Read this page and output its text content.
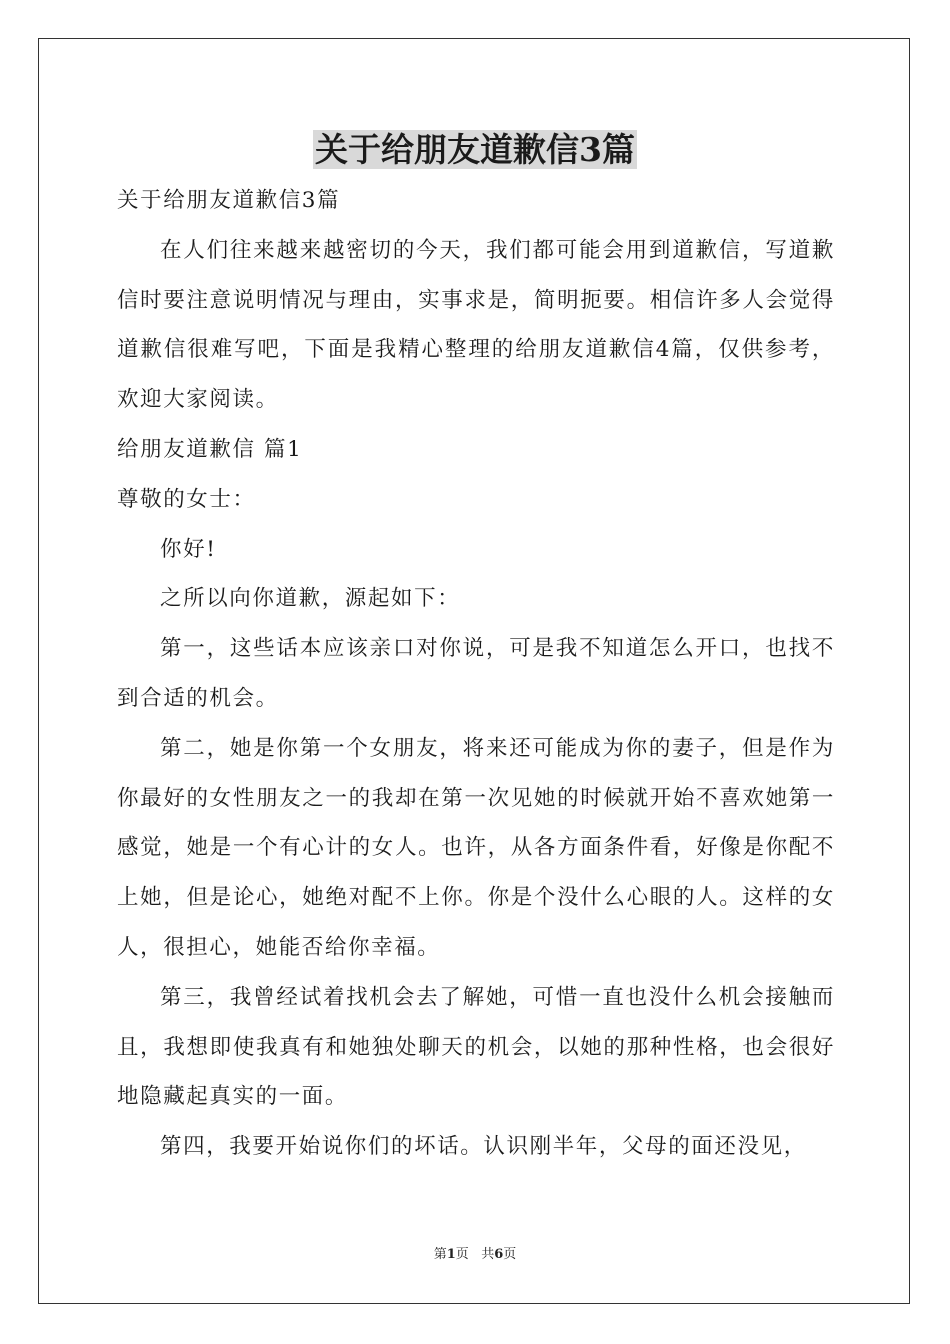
关于给朋友道歉信3篇

关于给朋友道歉信3篇

在人们往来越来越密切的今天，我们都可能会用到道歉信，写道歉信时要注意说明情况与理由，实事求是，简明扼要。相信许多人会觉得道歉信很难写吧，下面是我精心整理的给朋友道歉信4篇，仅供参考，欢迎大家阅读。

给朋友道歉信 篇1

尊敬的女士：

你好!

之所以向你道歉，源起如下：

第一，这些话本应该亲口对你说，可是我不知道怎么开口，也找不到合适的机会。

第二，她是你第一个女朋友，将来还可能成为你的妻子，但是作为你最好的女性朋友之一的我却在第一次见她的时候就开始不喜欢她第一感觉，她是一个有心计的女人。也许，从各方面条件看，好像是你配不上她，但是论心，她绝对配不上你。你是个没什么心眼的人。这样的女人，很担心，她能否给你幸福。

第三，我曾经试着找机会去了解她，可惜一直也没什么机会接触而且，我想即使我真有和她独处聊天的机会，以她的那种性格，也会很好地隐藏起真实的一面。

第四，我要开始说你们的坏话。认识刚半年，父母的面还没见，

第1页   共6页
